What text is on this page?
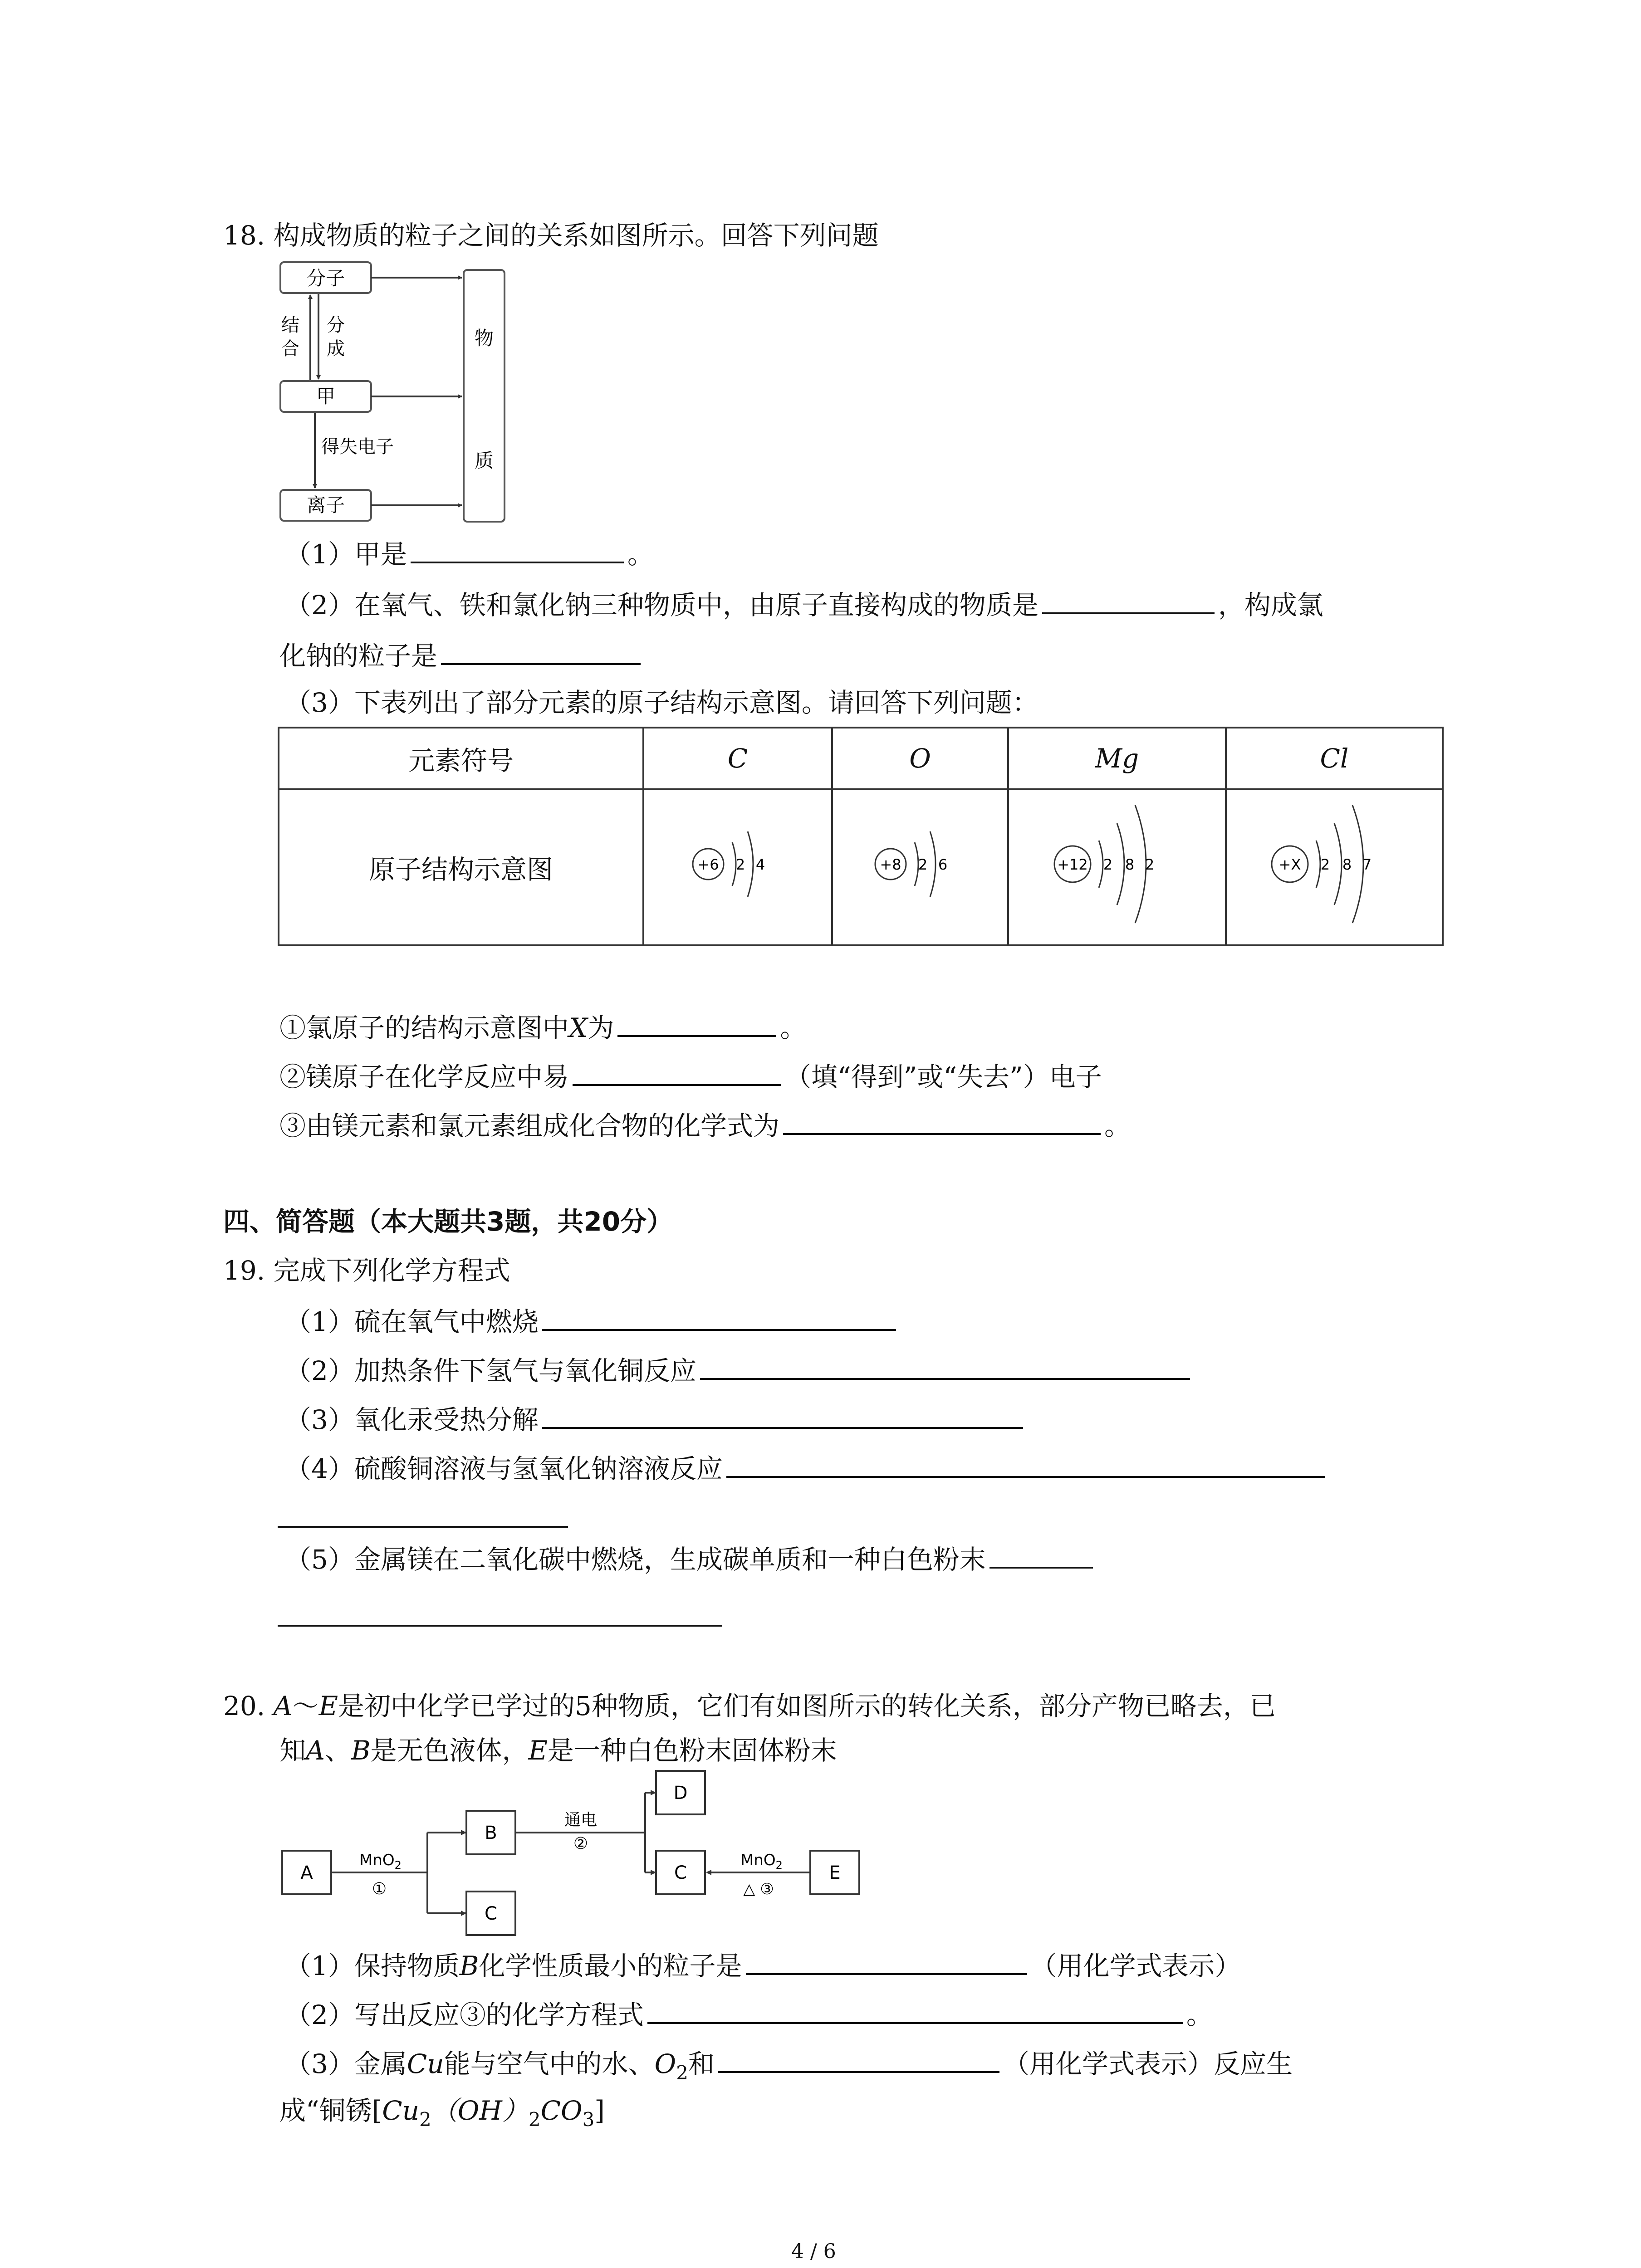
18. 构成物质的粒子之间的关系如图所示。回答下列问题
分子
甲
离子
物
质
结
合
分
成
得失电子
（1）甲是	。
（2）在氧气、铁和氯化钠三种物质中，由原子直接构成的物质是	，构成氯
化钠的粒子是
（3）下表列出了部分元素的原子结构示意图。请回答下列问题：
元素符号	C	O	Mg	Cl
原子结构示意图	+6 2 4	+8 2 6	+12 2 8 2	+X 2 8 7
①氯原子的结构示意图中X为	。
②镁原子在化学反应中易	（填“得到”或“失去”）电子
③由镁元素和氯元素组成化合物的化学式为	。
四、简答题（本大题共3题，共20分）
19. 完成下列化学方程式
（1）硫在氧气中燃烧
（2）加热条件下氢气与氧化铜反应
（3）氧化汞受热分解
（4）硫酸铜溶液与氢氧化钠溶液反应
（5）金属镁在二氧化碳中燃烧，生成碳单质和一种白色粉末
20. A～E是初中化学已学过的5种物质，它们有如图所示的转化关系，部分产物已略去，已
知A、B是无色液体，E是一种白色粉末固体粉末
A
MnO$_2$
①
B
C
通电
②
D
C
MnO$_2$
△ ③
E
（1）保持物质B化学性质最小的粒子是	（用化学式表示）
（2）写出反应③的化学方程式	。
（3）金属Cu能与空气中的水、$O_2$和	（用化学式表示）反应生
成“铜锈$[Cu_2(OH)_2CO_3]$
4 / 6
